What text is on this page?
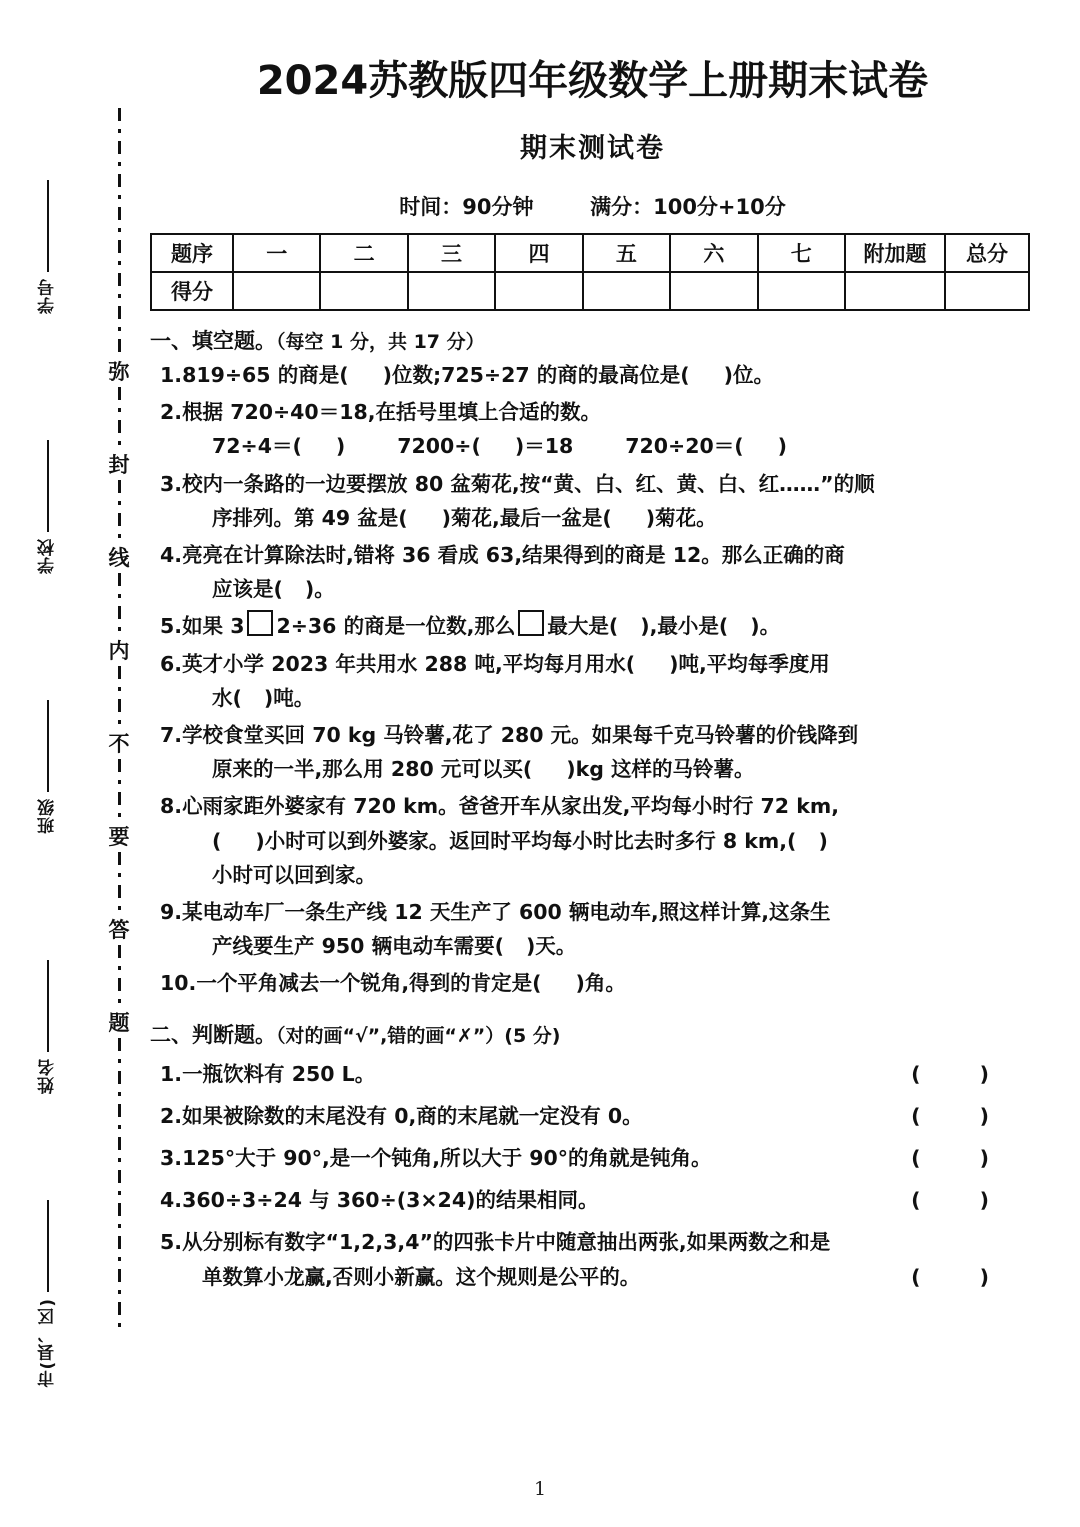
学号
学校
班级
姓名
市(县、区)
弥
封
线
内
不
要
答
题
2024苏教版四年级数学上册期末试卷
期末测试卷
时间：90分钟	满分：100分+10分
题序	一	二	三	四	五	六	七	附加题	总分
得分									
一、填空题。（每空 1 分，共 17 分）
1.819÷65 的商是( )位数;725÷27 的商的最高位是( )位。
2.根据 720÷40＝18,在括号里填上合适的数。
72÷4＝( )	7200÷( )＝18	720÷20＝( )
3.校内一条路的一边要摆放 80 盆菊花,按“黄、白、红、黄、白、红……”的顺
序排列。第 49 盆是( )菊花,最后一盆是( )菊花。
4.亮亮在计算除法时,错将 36 看成 63,结果得到的商是 12。那么正确的商
应该是( )。
5.如果 3 2÷36 的商是一位数,那么 最大是( ),最小是( )。
6.英才小学 2023 年共用水 288 吨,平均每月用水( )吨,平均每季度用
水( )吨。
7.学校食堂买回 70 kg 马铃薯,花了 280 元。如果每千克马铃薯的价钱降到
原来的一半,那么用 280 元可以买( )kg 这样的马铃薯。
8.心雨家距外婆家有 720 km。爸爸开车从家出发,平均每小时行 72 km,
( )小时可以到外婆家。返回时平均每小时比去时多行 8 km,( )
小时可以回到家。
9.某电动车厂一条生产线 12 天生产了 600 辆电动车,照这样计算,这条生
产线要生产 950 辆电动车需要( )天。
10.一个平角减去一个锐角,得到的肯定是( )角。
二、判断题。（对的画“√”,错的画“✗”）(5 分)
1.一瓶饮料有 250 L。	( )
2.如果被除数的末尾没有 0,商的末尾就一定没有 0。	( )
3.125°大于 90°,是一个钝角,所以大于 90°的角就是钝角。	( )
4.360÷3÷24 与 360÷(3×24)的结果相同。	( )
5.从分别标有数字“1,2,3,4”的四张卡片中随意抽出两张,如果两数之和是
单数算小龙赢,否则小新赢。这个规则是公平的。	( )
1
